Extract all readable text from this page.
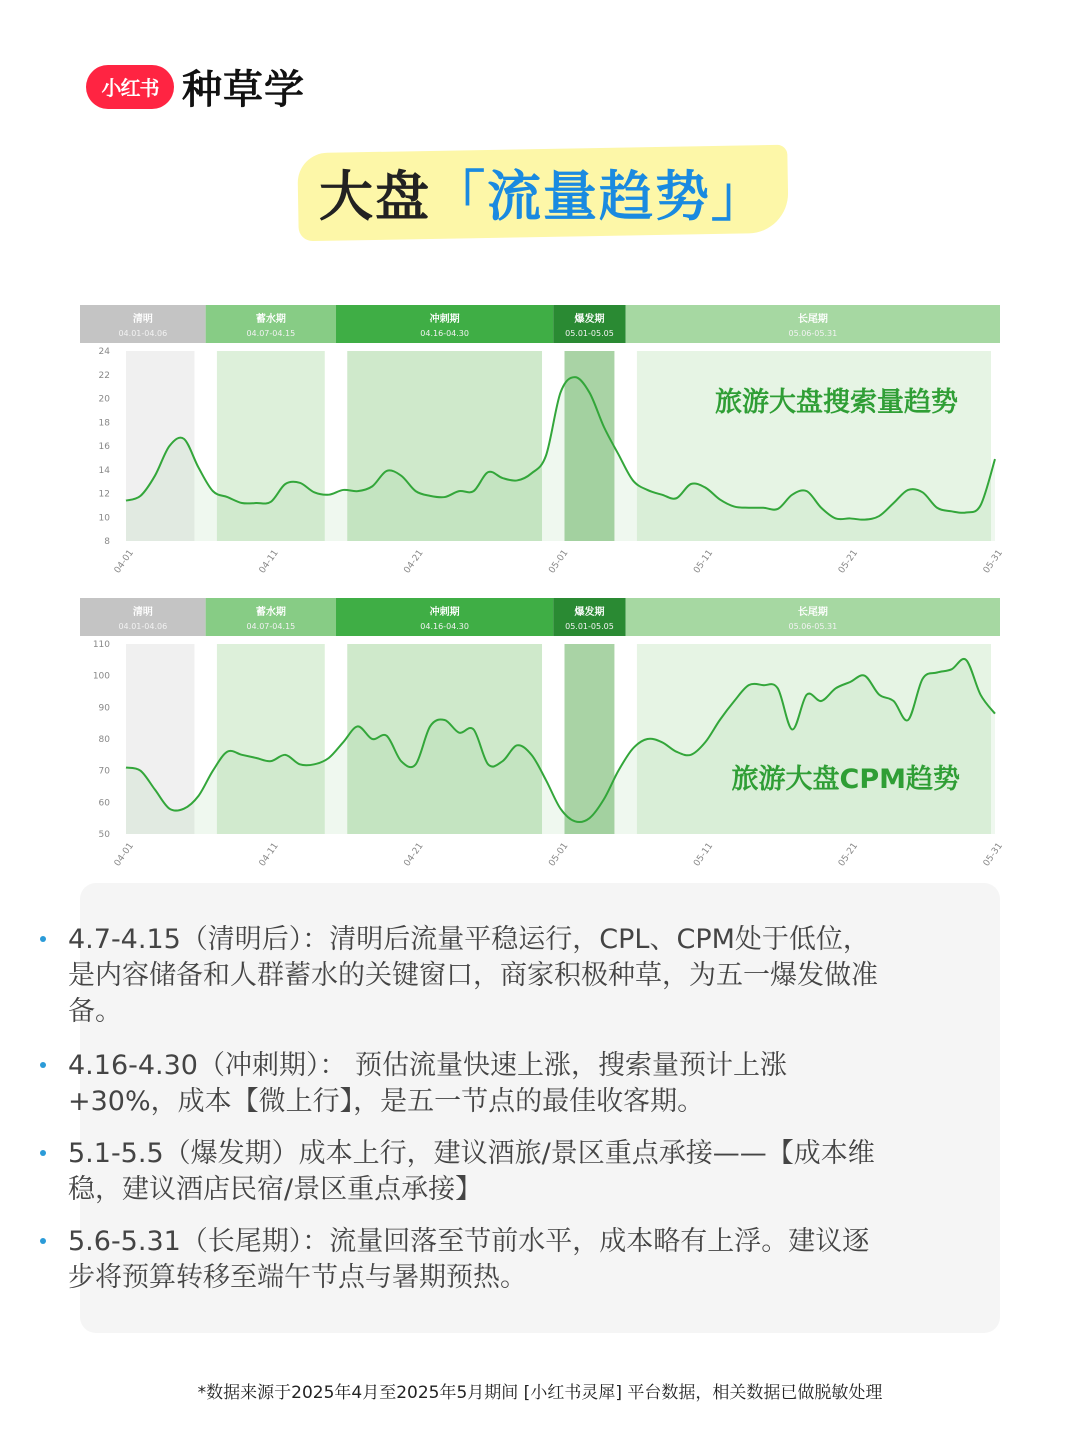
小红书 种草学
大盘 「流量趋势」
清明
04.01-04.06
蓄水期
04.07-04.15
冲刺期
04.16-04.30
爆发期
05.01-05.05
长尾期
05.06-05.31
8
10
12
14
16
18
20
22
24
04-01	04-11	04-21	05-01	05-11	05-21	05-31
旅游大盘搜索量趋势
清明
04.01-04.06
蓄水期
04.07-04.15
冲刺期
04.16-04.30
爆发期
05.01-05.05
长尾期
05.06-05.31
50
60
70
80
90
100
110
04-01	04-11	04-21	05-01	05-11	05-21	05-31
旅游大盘CPM趋势
4.7-4.15（清明后）：清明后流量平稳运行，CPL、CPM处于低位，是内容储备和人群蓄水的关键窗口，商家积极种草，为五一爆发做准备。
4.16-4.30（冲刺期）： 预估流量快速上涨，搜索量预计上涨+30%，成本【微上行】，是五一节点的最佳收客期。
5.1-5.5（爆发期）成本上行，建议酒旅/景区重点承接——【成本维稳，建议酒店民宿/景区重点承接】
5.6-5.31（长尾期）：流量回落至节前水平，成本略有上浮。建议逐步将预算转移至端午节点与暑期预热。
*数据来源于2025年4月至2025年5月期间 [小红书灵犀] 平台数据，相关数据已做脱敏处理
